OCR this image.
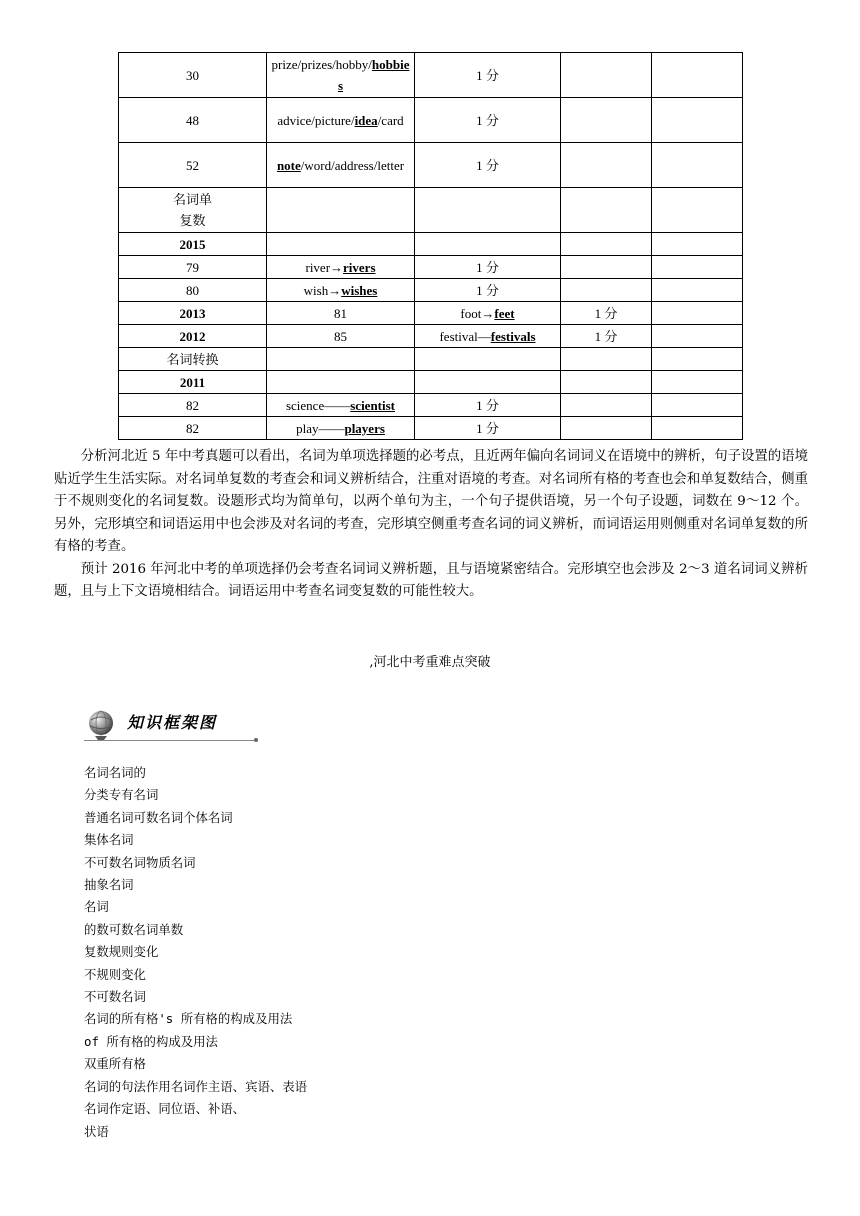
30	prize/prizes/hobby/hobbies	1 分		
48	advice/picture/idea/card	1 分		
52	note/word/address/letter	1 分		

名词单复数				

2015				
79	river→rivers	1 分		
80	wish→wishes	1 分		
2013	81	foot→feet	1 分	
2012	85	festival—festivals	1 分	
名词转换				
2011				
82	science——scientist	1 分		
82	play——players	1 分		

分析河北近 5 年中考真题可以看出，名词为单项选择题的必考点，且近两年偏向名词词义在语境中的辨析，句子设置的语境贴近学生生活实际。对名词单复数的考查会和词义辨析结合，注重对语境的考查。对名词所有格的考查也会和单复数结合，侧重于不规则变化的名词复数。设题形式均为简单句，以两个单句为主，一个句子提供语境，另一个句子设题，词数在 9～12 个。另外，完形填空和词语运用中也会涉及对名词的考查，完形填空侧重考查名词的词义辨析，而词语运用则侧重对名词单复数的所有格的考查。

预计 2016 年河北中考的单项选择仍会考查名词词义辨析题，且与语境紧密结合。完形填空也会涉及 2～3 道名词词义辨析题，且与上下文语境相结合。词语运用中考查名词变复数的可能性较大。

,河北中考重难点突破
知识框架图
名词名词的
分类专有名词
普通名词可数名词个体名词
集体名词
不可数名词物质名词
抽象名词
名词
的数可数名词单数
复数规则变化
不规则变化
不可数名词
名词的所有格's 所有格的构成及用法
of 所有格的构成及用法
双重所有格
名词的句法作用名词作主语、宾语、表语
名词作定语、同位语、补语、
状语
